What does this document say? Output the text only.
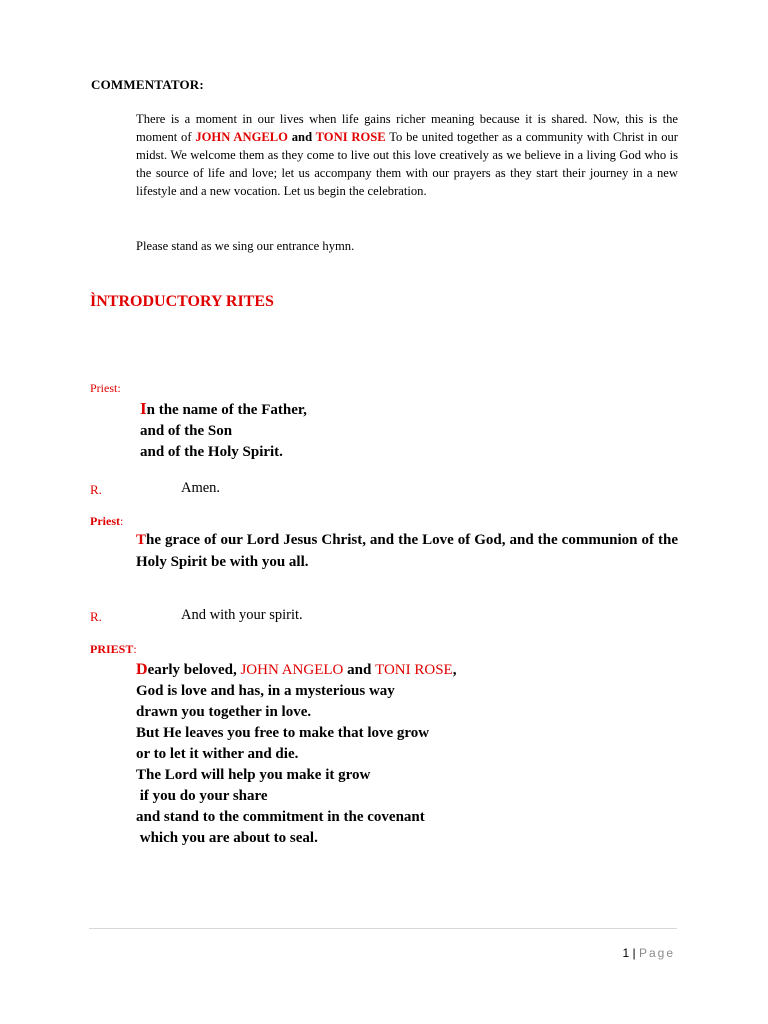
COMMENTATOR:
There is a moment in our lives when life gains richer meaning because it is shared. Now, this is the moment of JOHN ANGELO and TONI ROSE To be united together as a community with Christ in our midst. We welcome them as they come to live out this love creatively as we believe in a living God who is the source of life and love; let us accompany them with our prayers as they start their journey in a new lifestyle and a new vocation. Let us begin the celebration.
Please stand as we sing our entrance hymn.
ÌNTRODUCTORY RITES
Priest:
In the name of the Father,
and of the Son
and of the Holy Spirit.
R.	Amen.
Priest:
The grace of our Lord Jesus Christ, and the Love of God, and the communion of the Holy Spirit be with you all.
R.	And with your spirit.
PRIEST:
Dearly beloved, JOHN ANGELO and TONI ROSE,
God is love and has, in a mysterious way
drawn you together in love.
But He leaves you free to make that love grow
or to let it wither and die.
The Lord will help you make it grow
if you do your share
and stand to the commitment in the covenant
which you are about to seal.
1 | Page
